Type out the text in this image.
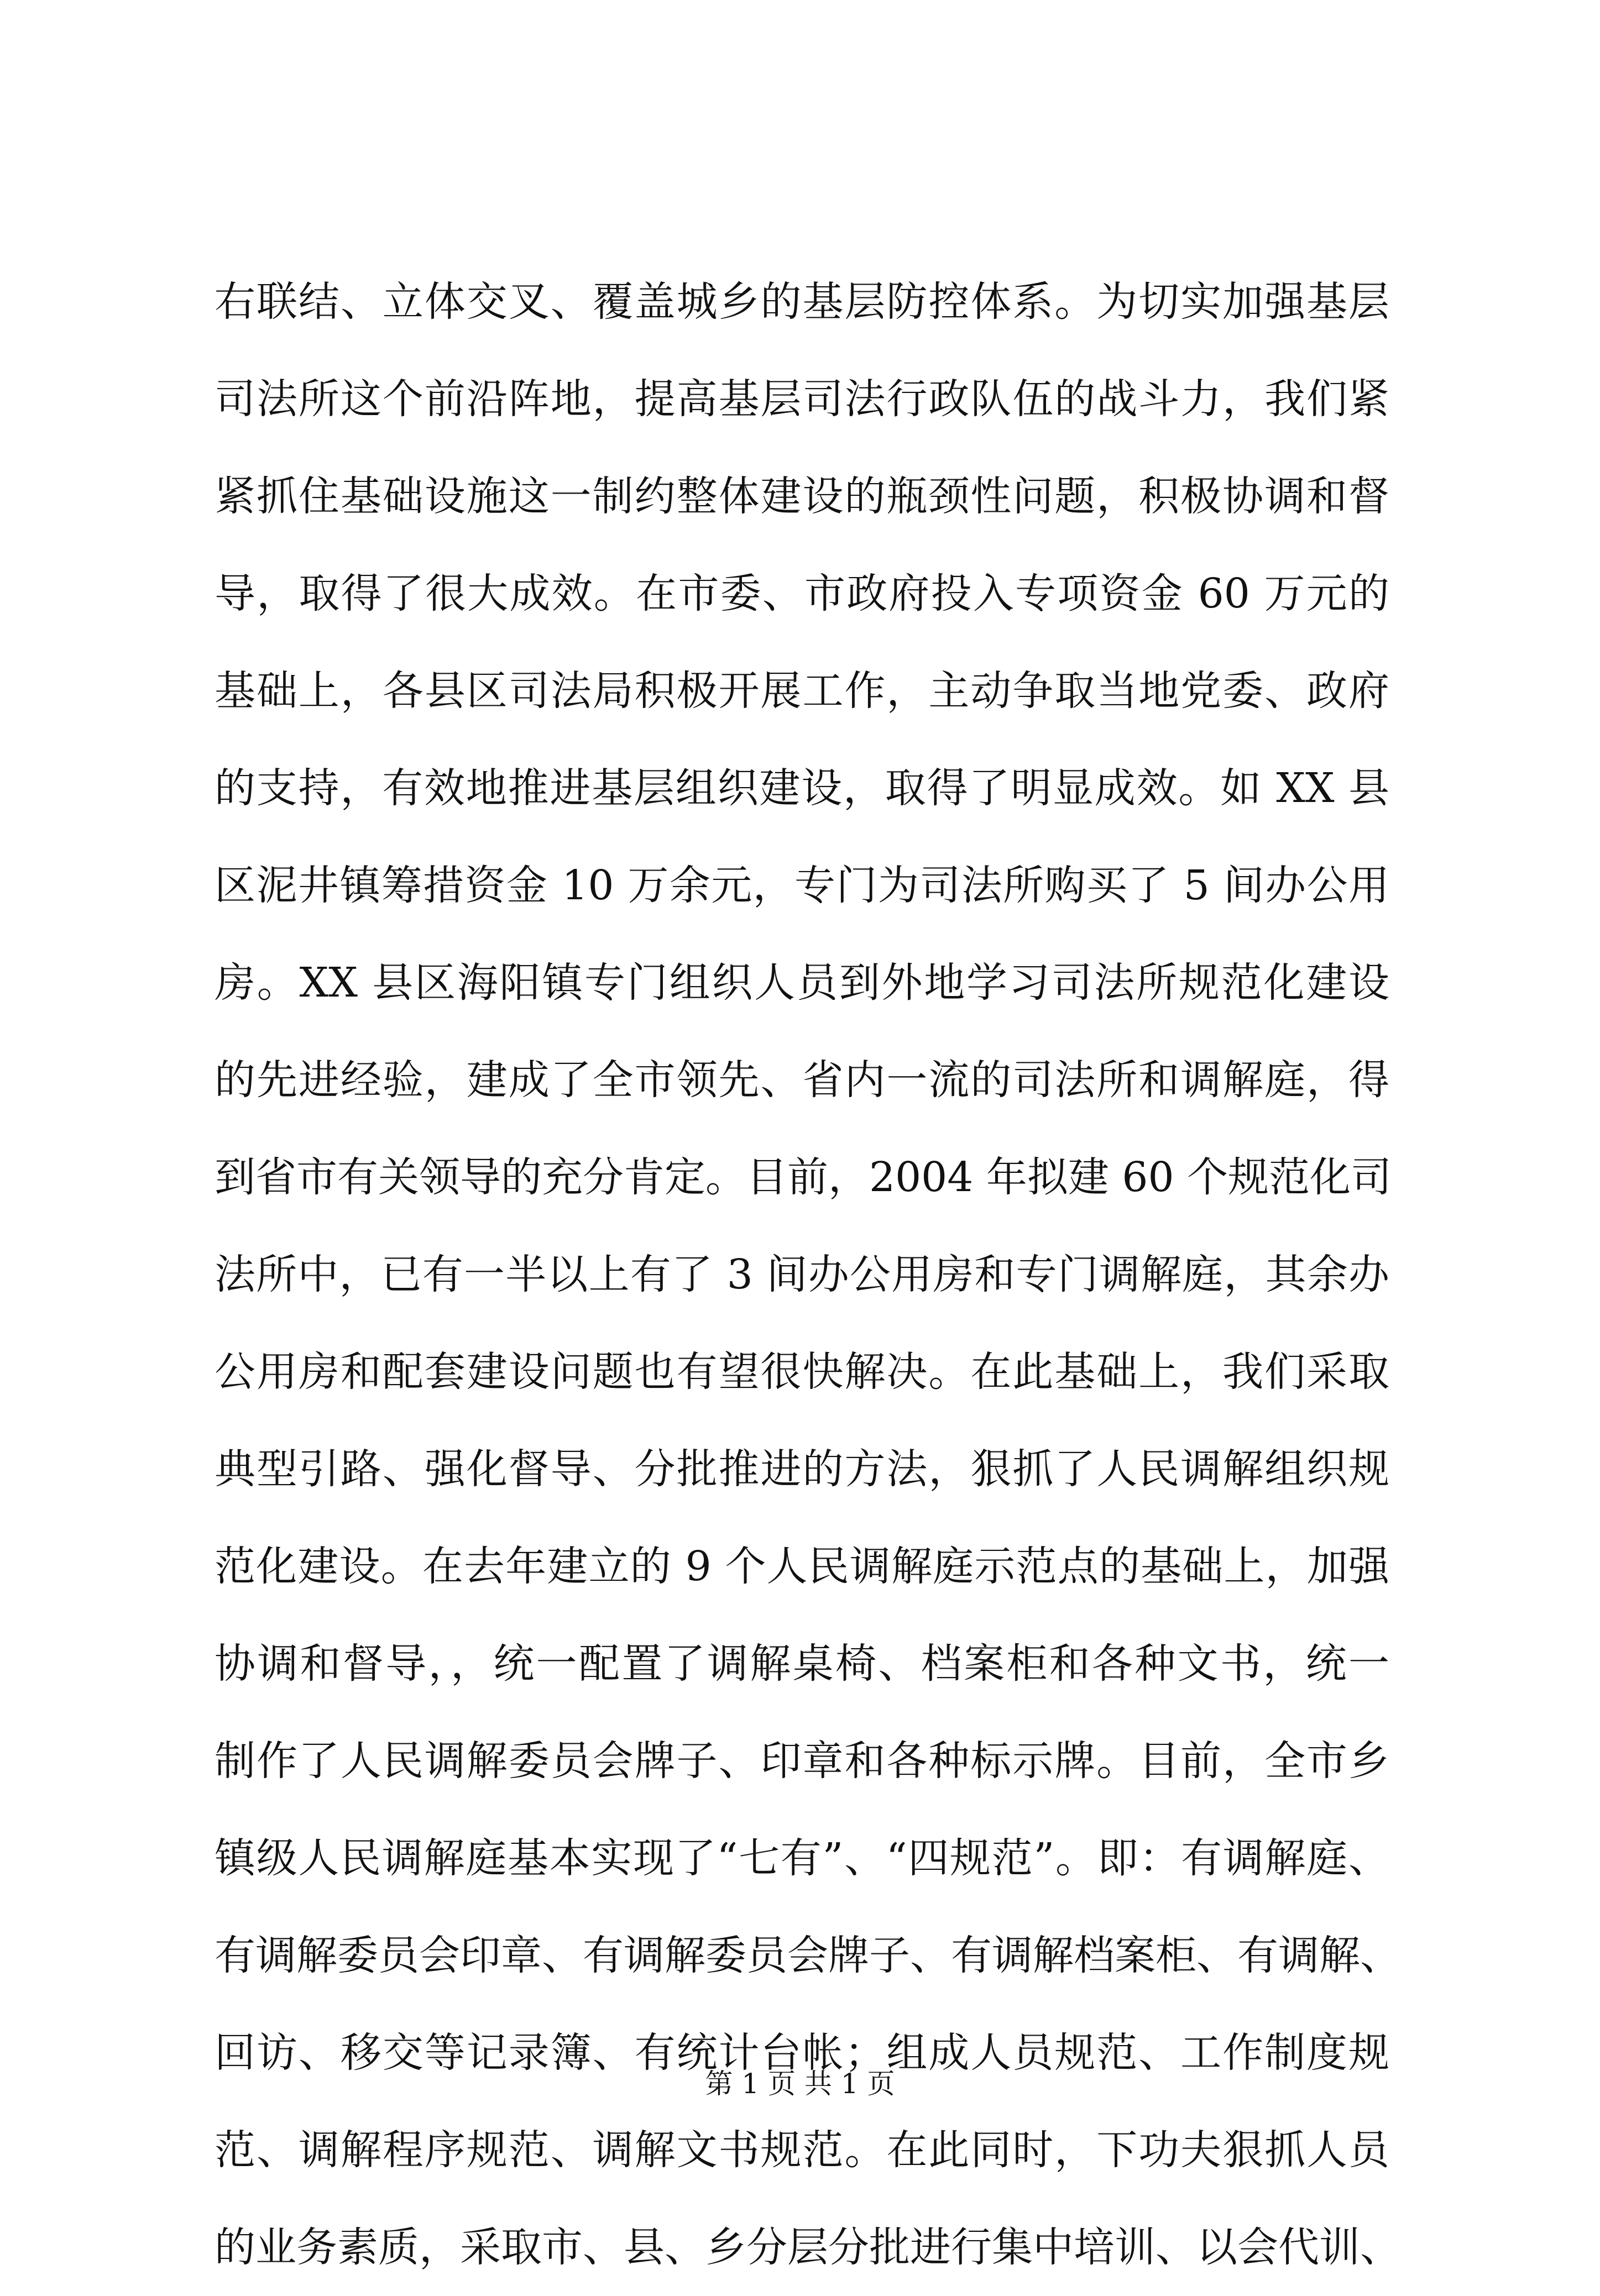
右联结、立体交叉、覆盖城乡的基层防控体系。为切实加强基层
司法所这个前沿阵地，提高基层司法行政队伍的战斗力，我们紧
紧抓住基础设施这一制约整体建设的瓶颈性问题，积极协调和督
导，取得了很大成效。在市委、市政府投入专项资金 60 万元的
基础上，各县区司法局积极开展工作，主动争取当地党委、政府
的支持，有效地推进基层组织建设，取得了明显成效。如 XX 县
区泥井镇筹措资金 10 万余元，专门为司法所购买了 5 间办公用
房。XX 县区海阳镇专门组织人员到外地学习司法所规范化建设
的先进经验，建成了全市领先、省内一流的司法所和调解庭，得
到省市有关领导的充分肯定。目前，2004 年拟建 60 个规范化司
法所中，已有一半以上有了 3 间办公用房和专门调解庭，其余办
公用房和配套建设问题也有望很快解决。在此基础上，我们采取
典型引路、强化督导、分批推进的方法，狠抓了人民调解组织规
范化建设。在去年建立的 9 个人民调解庭示范点的基础上，加强
协调和督导，，统一配置了调解桌椅、档案柜和各种文书，统一
制作了人民调解委员会牌子、印章和各种标示牌。目前，全市乡
镇级人民调解庭基本实现了“七有”、“四规范”。即：有调解庭、
有调解委员会印章、有调解委员会牌子、有调解档案柜、有调解、
回访、移交等记录簿、有统计台帐；组成人员规范、工作制度规
范、调解程序规范、调解文书规范。在此同时，下功夫狠抓人员
的业务素质，采取市、县、乡分层分批进行集中培训、以会代训、
第 1 页 共 1 页
